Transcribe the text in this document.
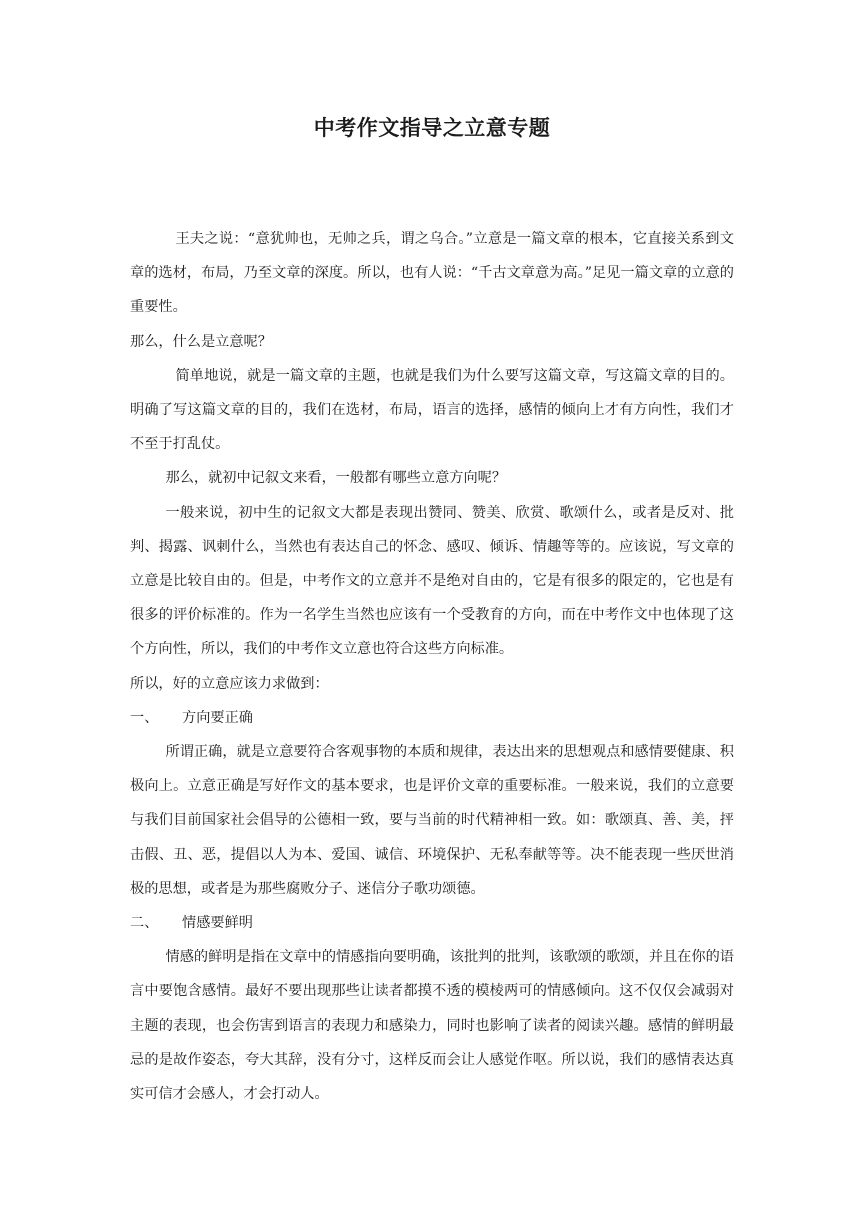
中考作文指导之立意专题

王夫之说：“意犹帅也，无帅之兵，谓之乌合。”立意是一篇文章的根本，它直接关系到文章的选材，布局，乃至文章的深度。所以，也有人说：“千古文章意为高。”足见一篇文章的立意的重要性。

那么，什么是立意呢？

简单地说，就是一篇文章的主题，也就是我们为什么要写这篇文章，写这篇文章的目的。明确了写这篇文章的目的，我们在选材，布局，语言的选择，感情的倾向上才有方向性，我们才不至于打乱仗。

那么，就初中记叙文来看，一般都有哪些立意方向呢？

一般来说，初中生的记叙文大都是表现出赞同、赞美、欣赏、歌颂什么，或者是反对、批判、揭露、讽刺什么，当然也有表达自己的怀念、感叹、倾诉、情趣等等的。应该说，写文章的立意是比较自由的。但是，中考作文的立意并不是绝对自由的，它是有很多的限定的，它也是有很多的评价标准的。作为一名学生当然也应该有一个受教育的方向，而在中考作文中也体现了这个方向性，所以，我们的中考作文立意也符合这些方向标准。

所以，好的立意应该力求做到：

一、	方向要正确

所谓正确，就是立意要符合客观事物的本质和规律，表达出来的思想观点和感情要健康、积极向上。立意正确是写好作文的基本要求，也是评价文章的重要标准。一般来说，我们的立意要与我们目前国家社会倡导的公德相一致，要与当前的时代精神相一致。如：歌颂真、善、美，抨击假、丑、恶，提倡以人为本、爱国、诚信、环境保护、无私奉献等等。决不能表现一些厌世消极的思想，或者是为那些腐败分子、迷信分子歌功颂德。

二、	情感要鲜明

情感的鲜明是指在文章中的情感指向要明确，该批判的批判，该歌颂的歌颂，并且在你的语言中要饱含感情。最好不要出现那些让读者都摸不透的模棱两可的情感倾向。这不仅仅会减弱对主题的表现，也会伤害到语言的表现力和感染力，同时也影响了读者的阅读兴趣。感情的鲜明最忌的是故作姿态，夸大其辞，没有分寸，这样反而会让人感觉作呕。所以说，我们的感情表达真实可信才会感人，才会打动人。
